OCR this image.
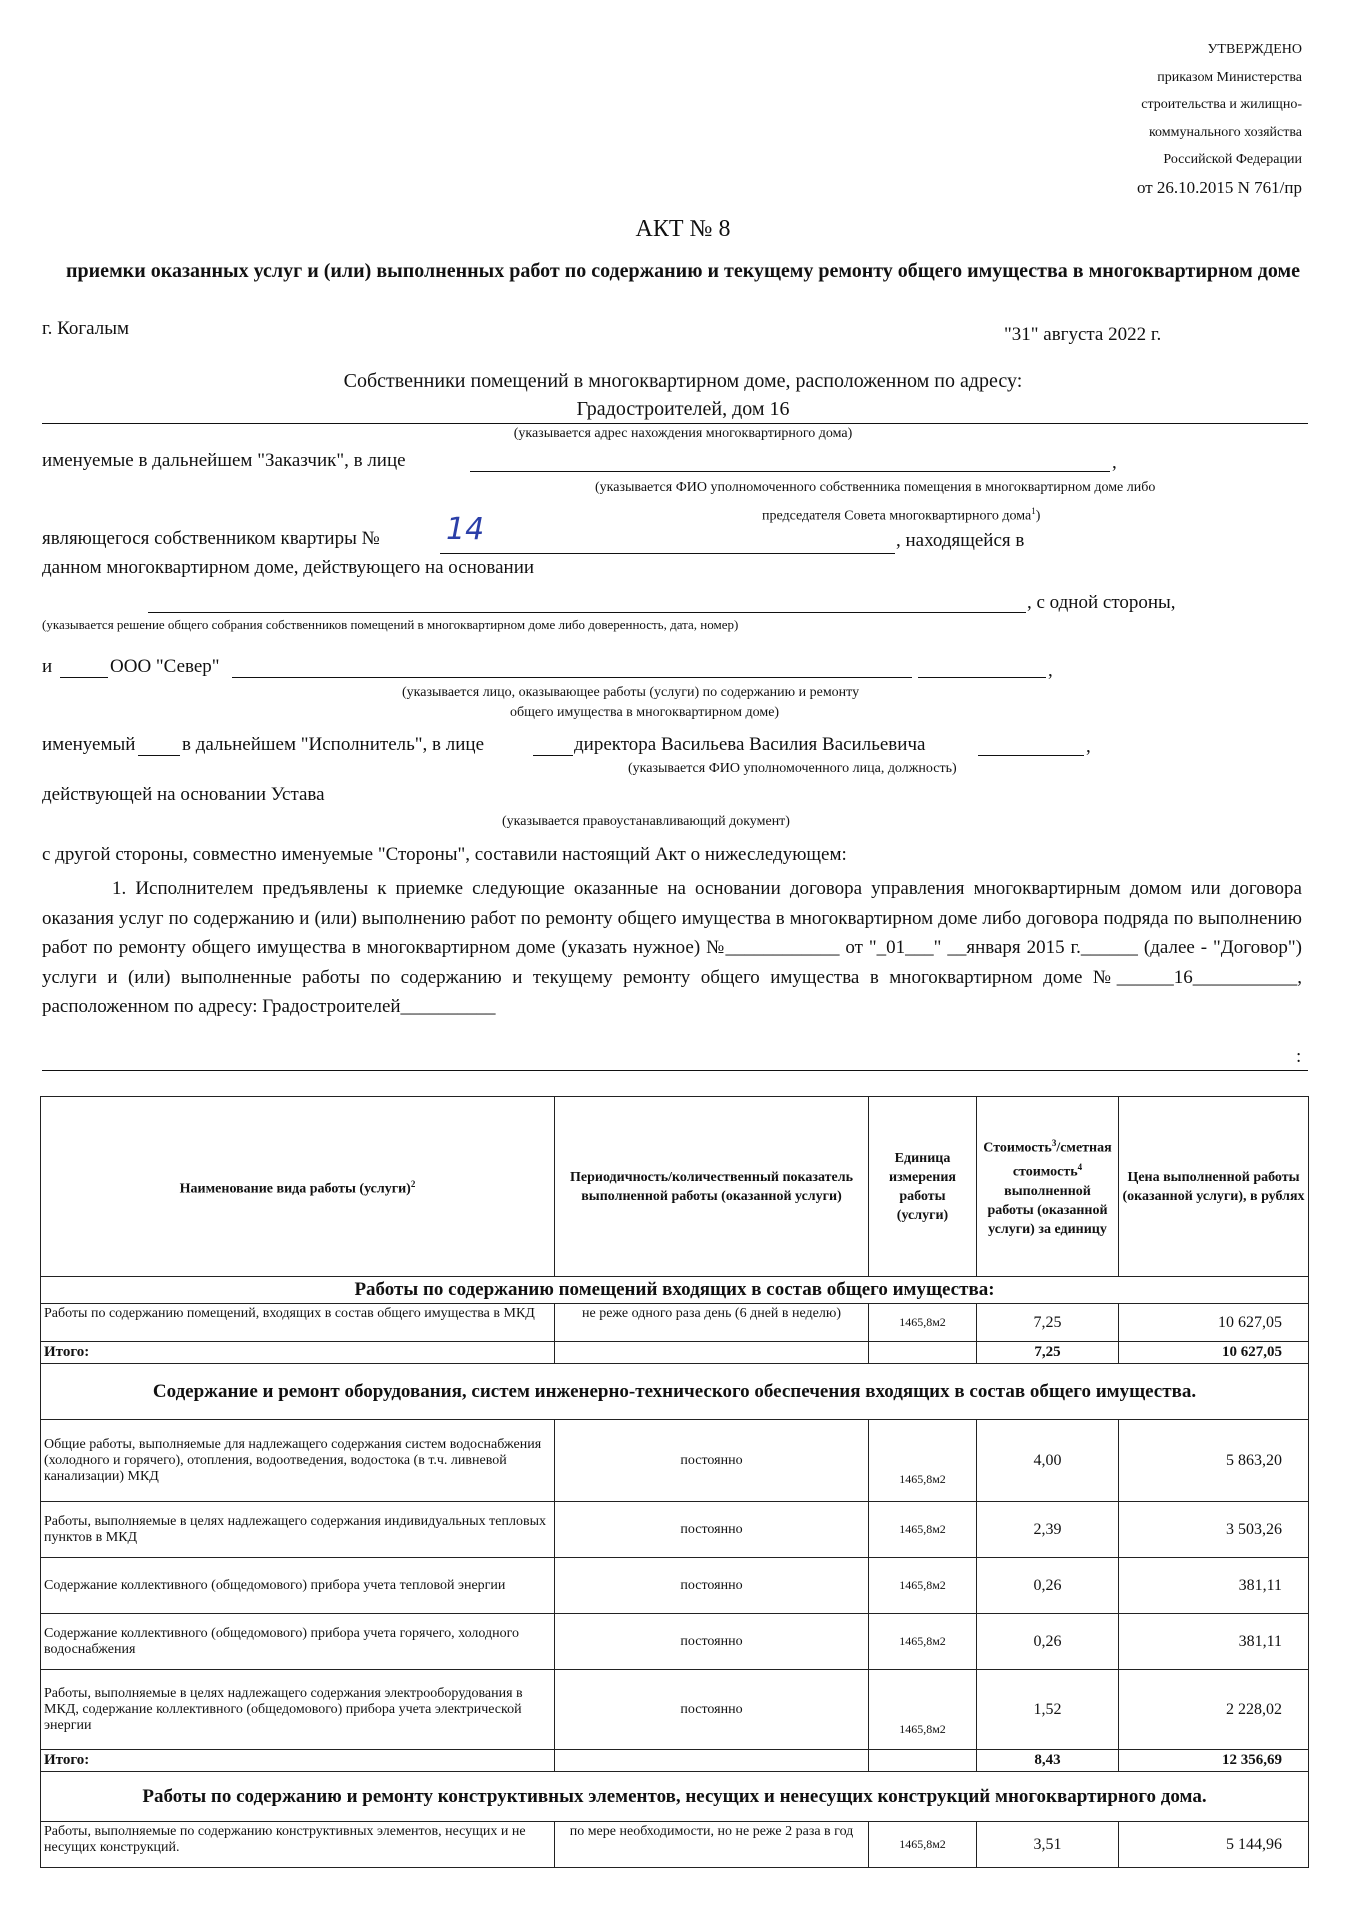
УТВЕРЖДЕНО
приказом Министерства
строительства и жилищно-
коммунального хозяйства
Российской Федерации
от 26.10.2015 N 761/пр
АКТ № 8
приемки оказанных услуг и (или) выполненных работ по содержанию и текущему ремонту общего имущества в многоквартирном доме
г. Когалым	"31" августа 2022 г.
Собственники помещений в многоквартирном доме, расположенном по адресу:
Градостроителей, дом 16
(указывается адрес нахождения многоквартирного дома)
именуемые в дальнейшем "Заказчик", в лице	,
(указывается ФИО уполномоченного собственника помещения в многоквартирном доме либо
председателя Совета многоквартирного дома$^1$)
являющегося собственником квартиры № 14	, находящейся в
данном многоквартирном доме, действующего на основании
, с одной стороны,
(указывается решение общего собрания собственников помещений в многоквартирном доме либо доверенность, дата, номер)
и	ООО "Север"	,
(указывается лицо, оказывающее работы (услуги) по содержанию и ремонту
общего имущества в многоквартирном доме)
именуемый в дальнейшем "Исполнитель", в лице	директора Васильева Василия Васильевича	,
(указывается ФИО уполномоченного лица, должность)
действующей на основании Устава
(указывается правоустанавливающий документ)
с другой стороны, совместно именуемые "Стороны", составили настоящий Акт о нижеследующем:
1. Исполнителем предъявлены к приемке следующие оказанные на основании договора управления многоквартирным домом или договора оказания услуг по содержанию и (или) выполнению работ по ремонту общего имущества в многоквартирном доме либо договора подряда по выполнению работ по ремонту общего имущества в многоквартирном доме (указать нужное) №____________ от "_01___" __января 2015 г.______ (далее - "Договор") услуги и (или) выполненные работы по содержанию и текущему ремонту общего имущества в многоквартирном доме №______16___________, расположенном по адресу: Градостроителей__________
:
Наименование вида работы (услуги)$^2$	Периодичность/количественный показатель выполненной работы (оказанной услуги)	Единица измерения работы (услуги)	Стоимость$^3$/сметная стоимость$^4$ выполненной работы (оказанной услуги) за единицу	Цена выполненной работы (оказанной услуги), в рублях
Работы по содержанию помещений входящих в состав общего имущества:				
Работы по содержанию помещений, входящих в состав общего имущества в МКД	не реже одного раза день (6 дней в неделю)	1465,8м2	7,25	10 627,05
Итого:			7,25	10 627,05
Содержание и ремонт оборудования, систем инженерно-технического обеспечения входящих в состав общего имущества.				
Общие работы, выполняемые для надлежащего содержания систем водоснабжения (холодного и горячего), отопления, водоотведения, водостока (в т.ч. ливневой канализации) МКД	постоянно	1465,8м2	4,00	5 863,20
Работы, выполняемые в целях надлежащего содержания индивидуальных тепловых пунктов в МКД	постоянно	1465,8м2	2,39	3 503,26
Содержание коллективного (общедомового) прибора учета тепловой энергии	постоянно	1465,8м2	0,26	381,11
Содержание коллективного (общедомового) прибора учета горячего, холодного водоснабжения	постоянно	1465,8м2	0,26	381,11
Работы, выполняемые в целях надлежащего содержания электрооборудования в МКД, содержание коллективного (общедомового) прибора учета электрической энергии	постоянно	1465,8м2	1,52	2 228,02
Итого:			8,43	12 356,69
Работы по содержанию и ремонту конструктивных элементов, несущих и ненесущих конструкций многоквартирного дома.				
Работы, выполняемые по содержанию конструктивных элементов, несущих и не несущих конструкций.	по мере необходимости, но не реже 2 раза в год	1465,8м2	3,51	5 144,96
